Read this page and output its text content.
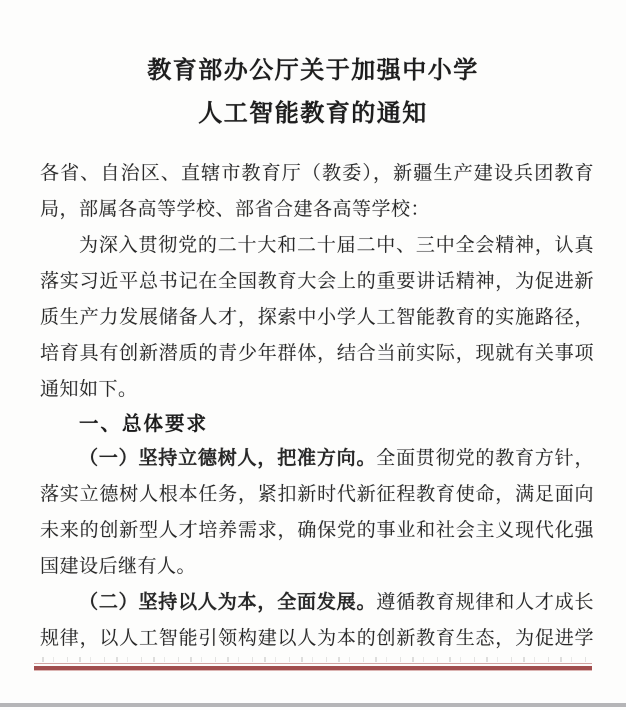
教育部办公厅关于加强中小学
人工智能教育的通知
各省、自治区、直辖市教育厅（教委），新疆生产建设兵团教育
局，部属各高等学校、部省合建各高等学校：
为深入贯彻党的二十大和二十届二中、三中全会精神，认真
落实习近平总书记在全国教育大会上的重要讲话精神，为促进新
质生产力发展储备人才，探索中小学人工智能教育的实施路径，
培育具有创新潜质的青少年群体，结合当前实际，现就有关事项
通知如下。
一、总体要求
（一）坚持立德树人，把准方向。全面贯彻党的教育方针，
落实立德树人根本任务，紧扣新时代新征程教育使命，满足面向
未来的创新型人才培养需求，确保党的事业和社会主义现代化强
国建设后继有人。
（二）坚持以人为本，全面发展。遵循教育规律和人才成长
规律，以人工智能引领构建以人为本的创新教育生态，为促进学
